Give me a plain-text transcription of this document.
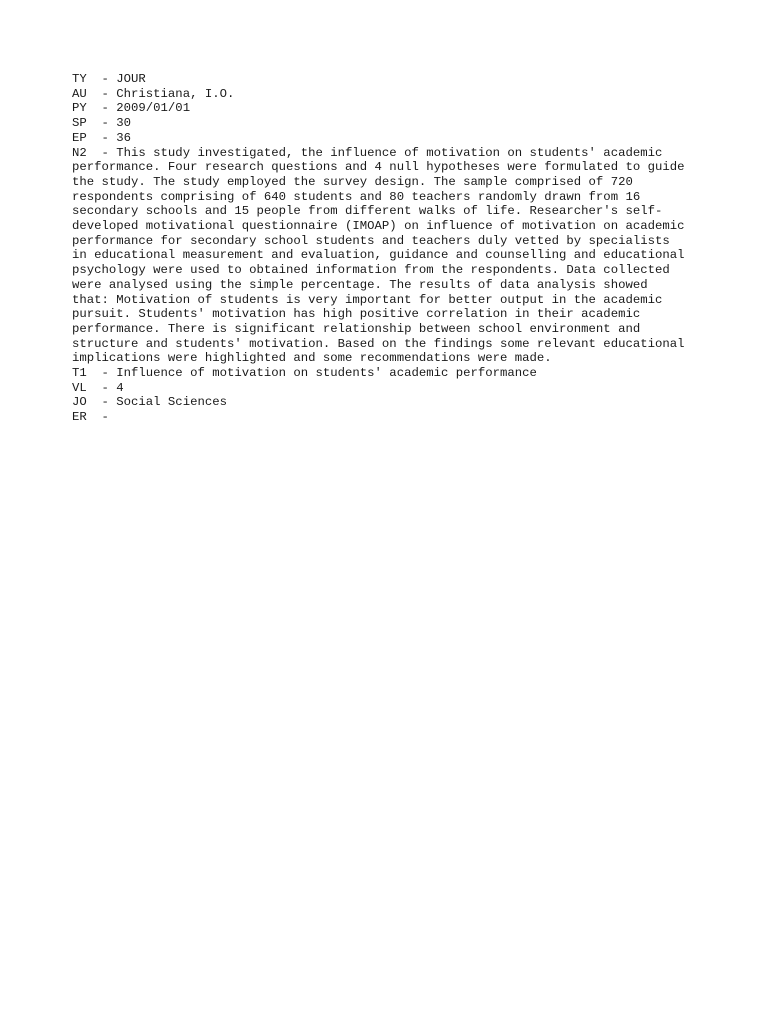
TY  - JOUR
AU  - Christiana, I.O.
PY  - 2009/01/01
SP  - 30
EP  - 36
N2  - This study investigated, the influence of motivation on students' academic
performance. Four research questions and 4 null hypotheses were formulated to guide
the study. The study employed the survey design. The sample comprised of 720
respondents comprising of 640 students and 80 teachers randomly drawn from 16
secondary schools and 15 people from different walks of life. Researcher's self-
developed motivational questionnaire (IMOAP) on influence of motivation on academic
performance for secondary school students and teachers duly vetted by specialists
in educational measurement and evaluation, guidance and counselling and educational
psychology were used to obtained information from the respondents. Data collected
were analysed using the simple percentage. The results of data analysis showed
that: Motivation of students is very important for better output in the academic
pursuit. Students' motivation has high positive correlation in their academic
performance. There is significant relationship between school environment and
structure and students' motivation. Based on the findings some relevant educational
implications were highlighted and some recommendations were made.
T1  - Influence of motivation on students' academic performance
VL  - 4
JO  - Social Sciences
ER  -
